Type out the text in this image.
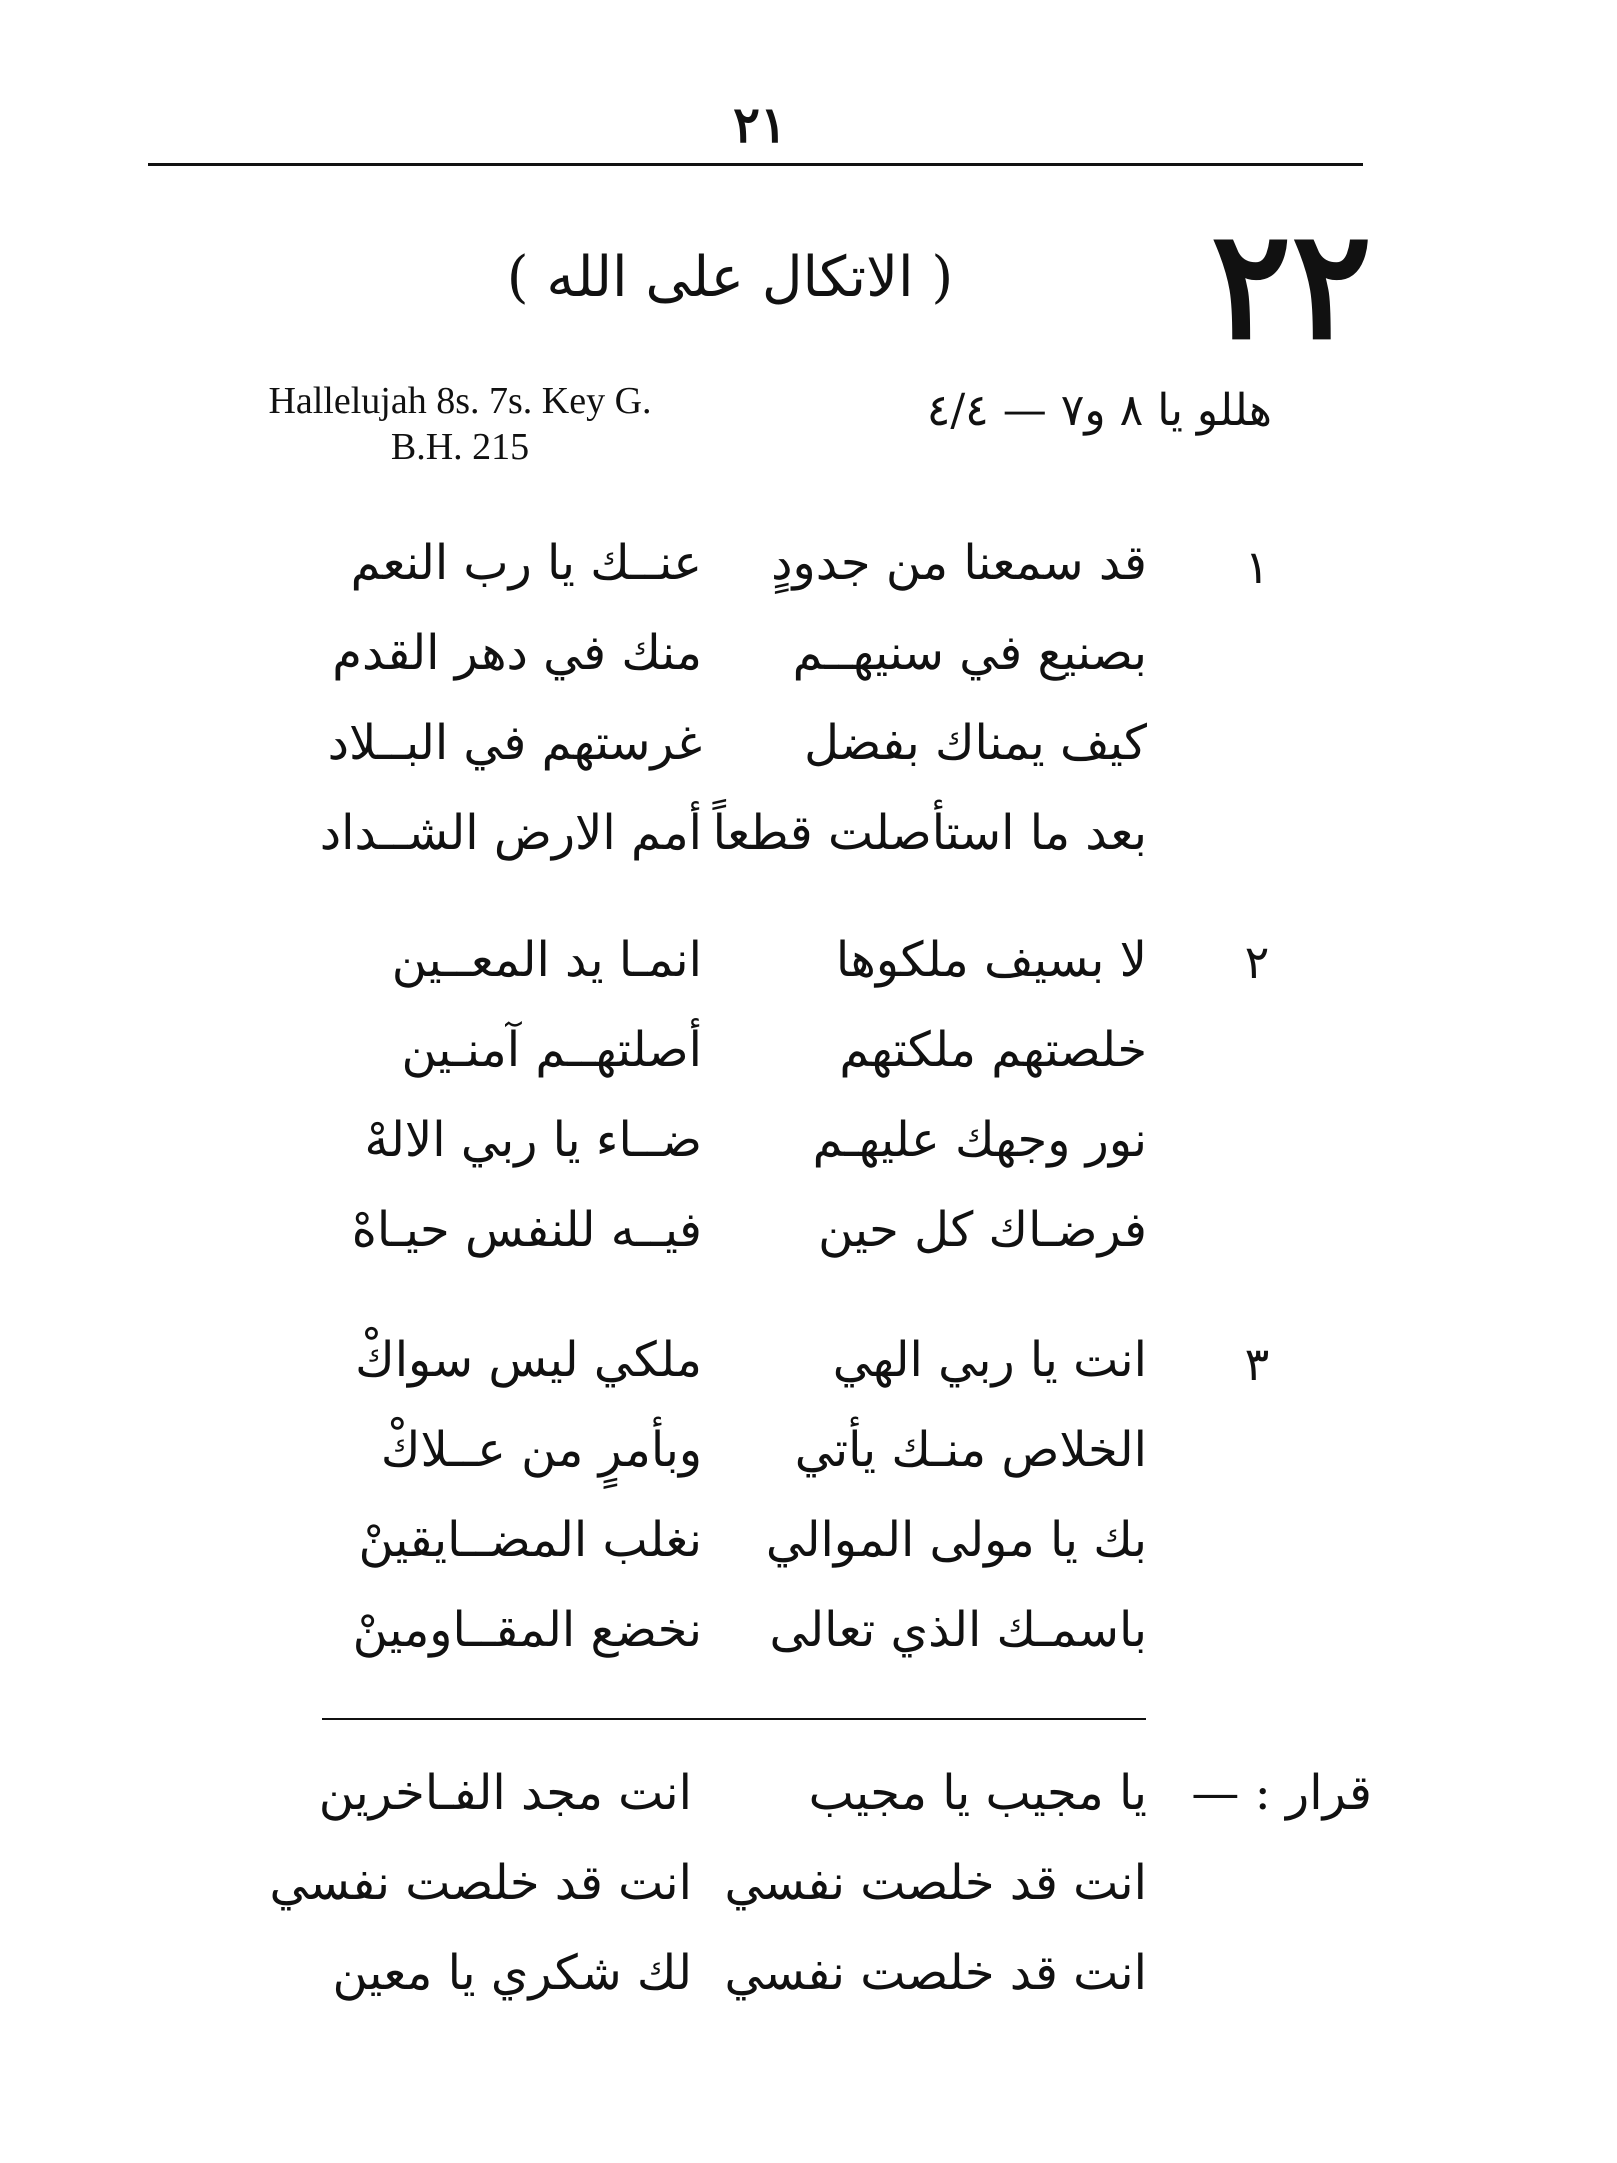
٢١
٢٢
( الاتكال على الله )
Hallelujah 8s. 7s. Key G.
B.H. 215
هللو يا ٨ و٧ — ٤/٤
١
قد سمعنا من جدودٍ
عنــك يا رب النعم
بصنيع في سنيهــم
منك في دهر القدم
كيف يمناك بفضل
غرستهم في البــلاد
بعد ما استأصلت قطعاً
أمم الارض الشــداد
٢
لا بسيف ملكوها
انمـا يد المعــين
خلصتهم ملكتهم
أصلتهــم آمنـين
نور وجهك عليهـم
ضــاء يا ربي الالهْ
فرضـاك كل حين
فيــه للنفس حيـاهْ
٣
انت يا ربي الهي
ملكي ليس سواكْ
الخلاص منـك يأتي
وبأمرٍ من عــلاكْ
بك يا مولى الموالي
نغلب المضــايقينْ
باسمـك الذي تعالى
نخضع المقــاومينْ
قرار : —
يا مجيب يا مجيب
انت مجد الفـاخرين
انت قد خلصت نفسي
انت قد خلصت نفسي
انت قد خلصت نفسي
لك شكري يا معين
